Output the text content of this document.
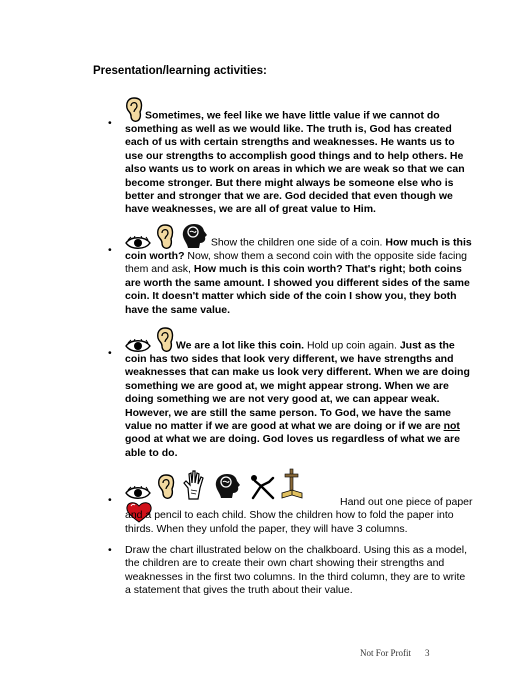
Presentation/learning activities:
•
Sometimes, we feel like we have little value if we cannot do something as well as we would like. The truth is, God has created each of us with certain strengths and weaknesses. He wants us to use our strengths to accomplish good things and to help others. He also wants us to work on areas in which we are weak so that we can become stronger. But there might always be someone else who is better and stronger that we are. God decided that even though we have weaknesses, we are all of great value to Him.
•
Show the children one side of a coin. How much is this coin worth? Now, show them a second coin with the opposite side facing them and ask, How much is this coin worth? That's right; both coins are worth the same amount. I showed you different sides of the same coin. It doesn't matter which side of the coin I show you, they both have the same value.
•
We are a lot like this coin. Hold up coin again. Just as the coin has two sides that look very different, we have strengths and weaknesses that can make us look very different. When we are doing something we are good at, we might appear strong. When we are doing something we are not very good at, we can appear weak. However, we are still the same person. To God, we have the same value no matter if we are good at what we are doing or if we are not good at what we are doing. God loves us regardless of what we are able to do.
•
	Hand out one piece of paper and a pencil to each child. Show the children how to fold the paper into thirds. When they unfold the paper, they will have 3 columns.
• Draw the chart illustrated below on the chalkboard. Using this as a model, the children are to create their own chart showing their strengths and weaknesses in the first two columns. In the third column, they are to write a statement that gives the truth about their value.
Not For Profit 3
